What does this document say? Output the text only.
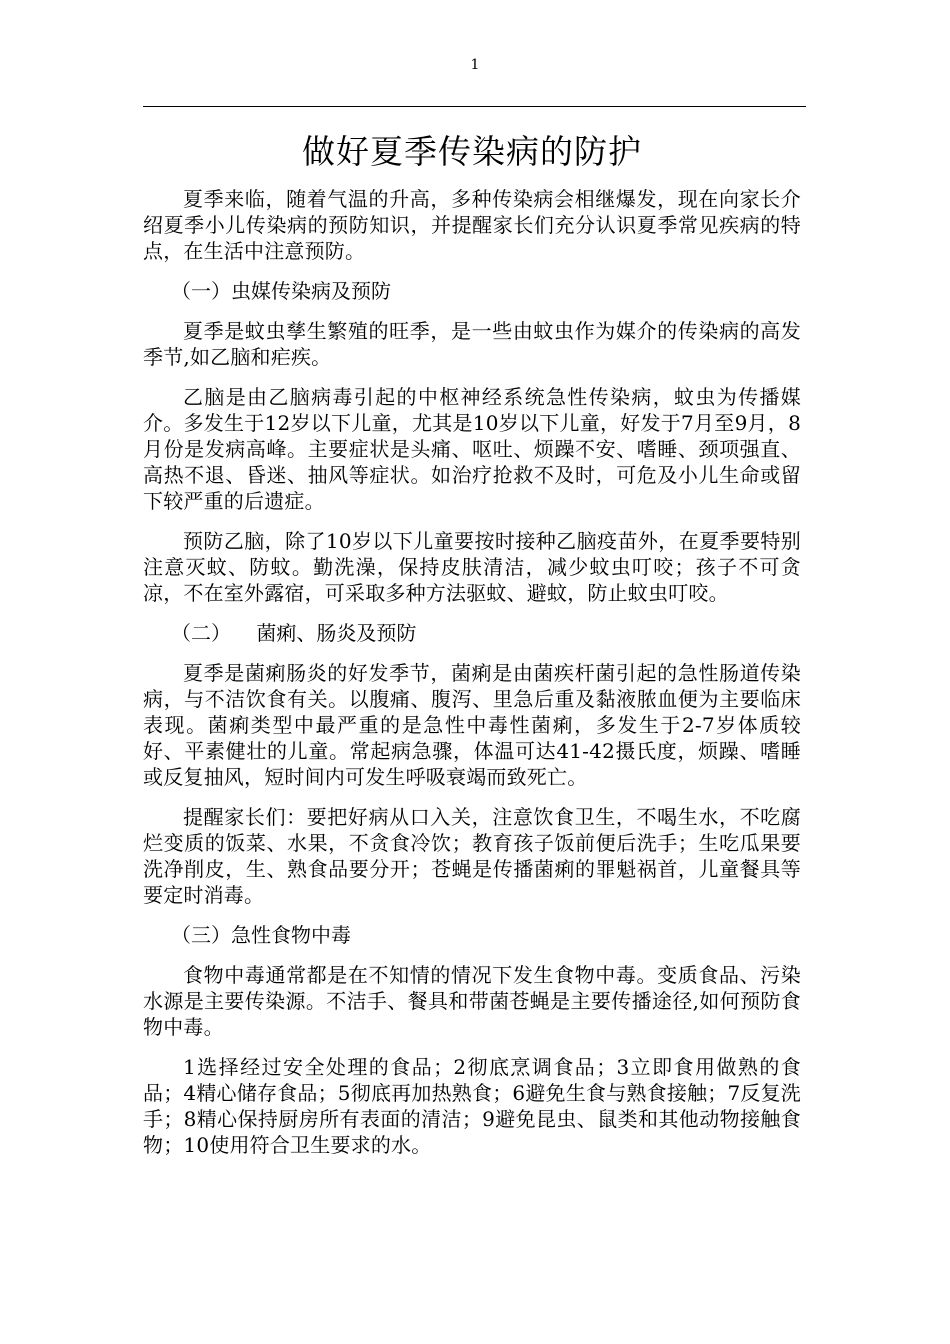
1
做好夏季传染病的防护

夏季来临，随着气温的升高，多种传染病会相继爆发，现在向家长介绍夏季小儿传染病的预防知识，并提醒家长们充分认识夏季常见疾病的特点，在生活中注意预防。

（一）虫媒传染病及预防

夏季是蚊虫孳生繁殖的旺季，是一些由蚊虫作为媒介的传染病的高发季节,如乙脑和疟疾。

乙脑是由乙脑病毒引起的中枢神经系统急性传染病，蚊虫为传播媒介。多发生于12岁以下儿童，尤其是10岁以下儿童，好发于7月至9月，8月份是发病高峰。主要症状是头痛、呕吐、烦躁不安、嗜睡、颈项强直、高热不退、昏迷、抽风等症状。如治疗抢救不及时，可危及小儿生命或留下较严重的后遗症。

预防乙脑，除了10岁以下儿童要按时接种乙脑疫苗外，在夏季要特别注意灭蚊、防蚊。勤洗澡，保持皮肤清洁，减少蚊虫叮咬；孩子不可贪凉，不在室外露宿，可采取多种方法驱蚊、避蚊，防止蚊虫叮咬。

（二）    菌痢、肠炎及预防

夏季是菌痢肠炎的好发季节，菌痢是由菌疾杆菌引起的急性肠道传染病，与不洁饮食有关。以腹痛、腹泻、里急后重及黏液脓血便为主要临床表现。菌痢类型中最严重的是急性中毒性菌痢，多发生于2-7岁体质较好、平素健壮的儿童。常起病急骤，体温可达41-42摄氏度，烦躁、嗜睡或反复抽风，短时间内可发生呼吸衰竭而致死亡。

提醒家长们：要把好病从口入关，注意饮食卫生，不喝生水，不吃腐烂变质的饭菜、水果，不贪食冷饮；教育孩子饭前便后洗手；生吃瓜果要洗净削皮，生、熟食品要分开；苍蝇是传播菌痢的罪魁祸首，儿童餐具等要定时消毒。

（三）急性食物中毒

食物中毒通常都是在不知情的情况下发生食物中毒。变质食品、污染水源是主要传染源。不洁手、餐具和带菌苍蝇是主要传播途径,如何预防食物中毒。

1选择经过安全处理的食品；2彻底烹调食品；3立即食用做熟的食品；4精心储存食品；5彻底再加热熟食；6避免生食与熟食接触；7反复洗手；8精心保持厨房所有表面的清洁；9避免昆虫、鼠类和其他动物接触食物；10使用符合卫生要求的水。
